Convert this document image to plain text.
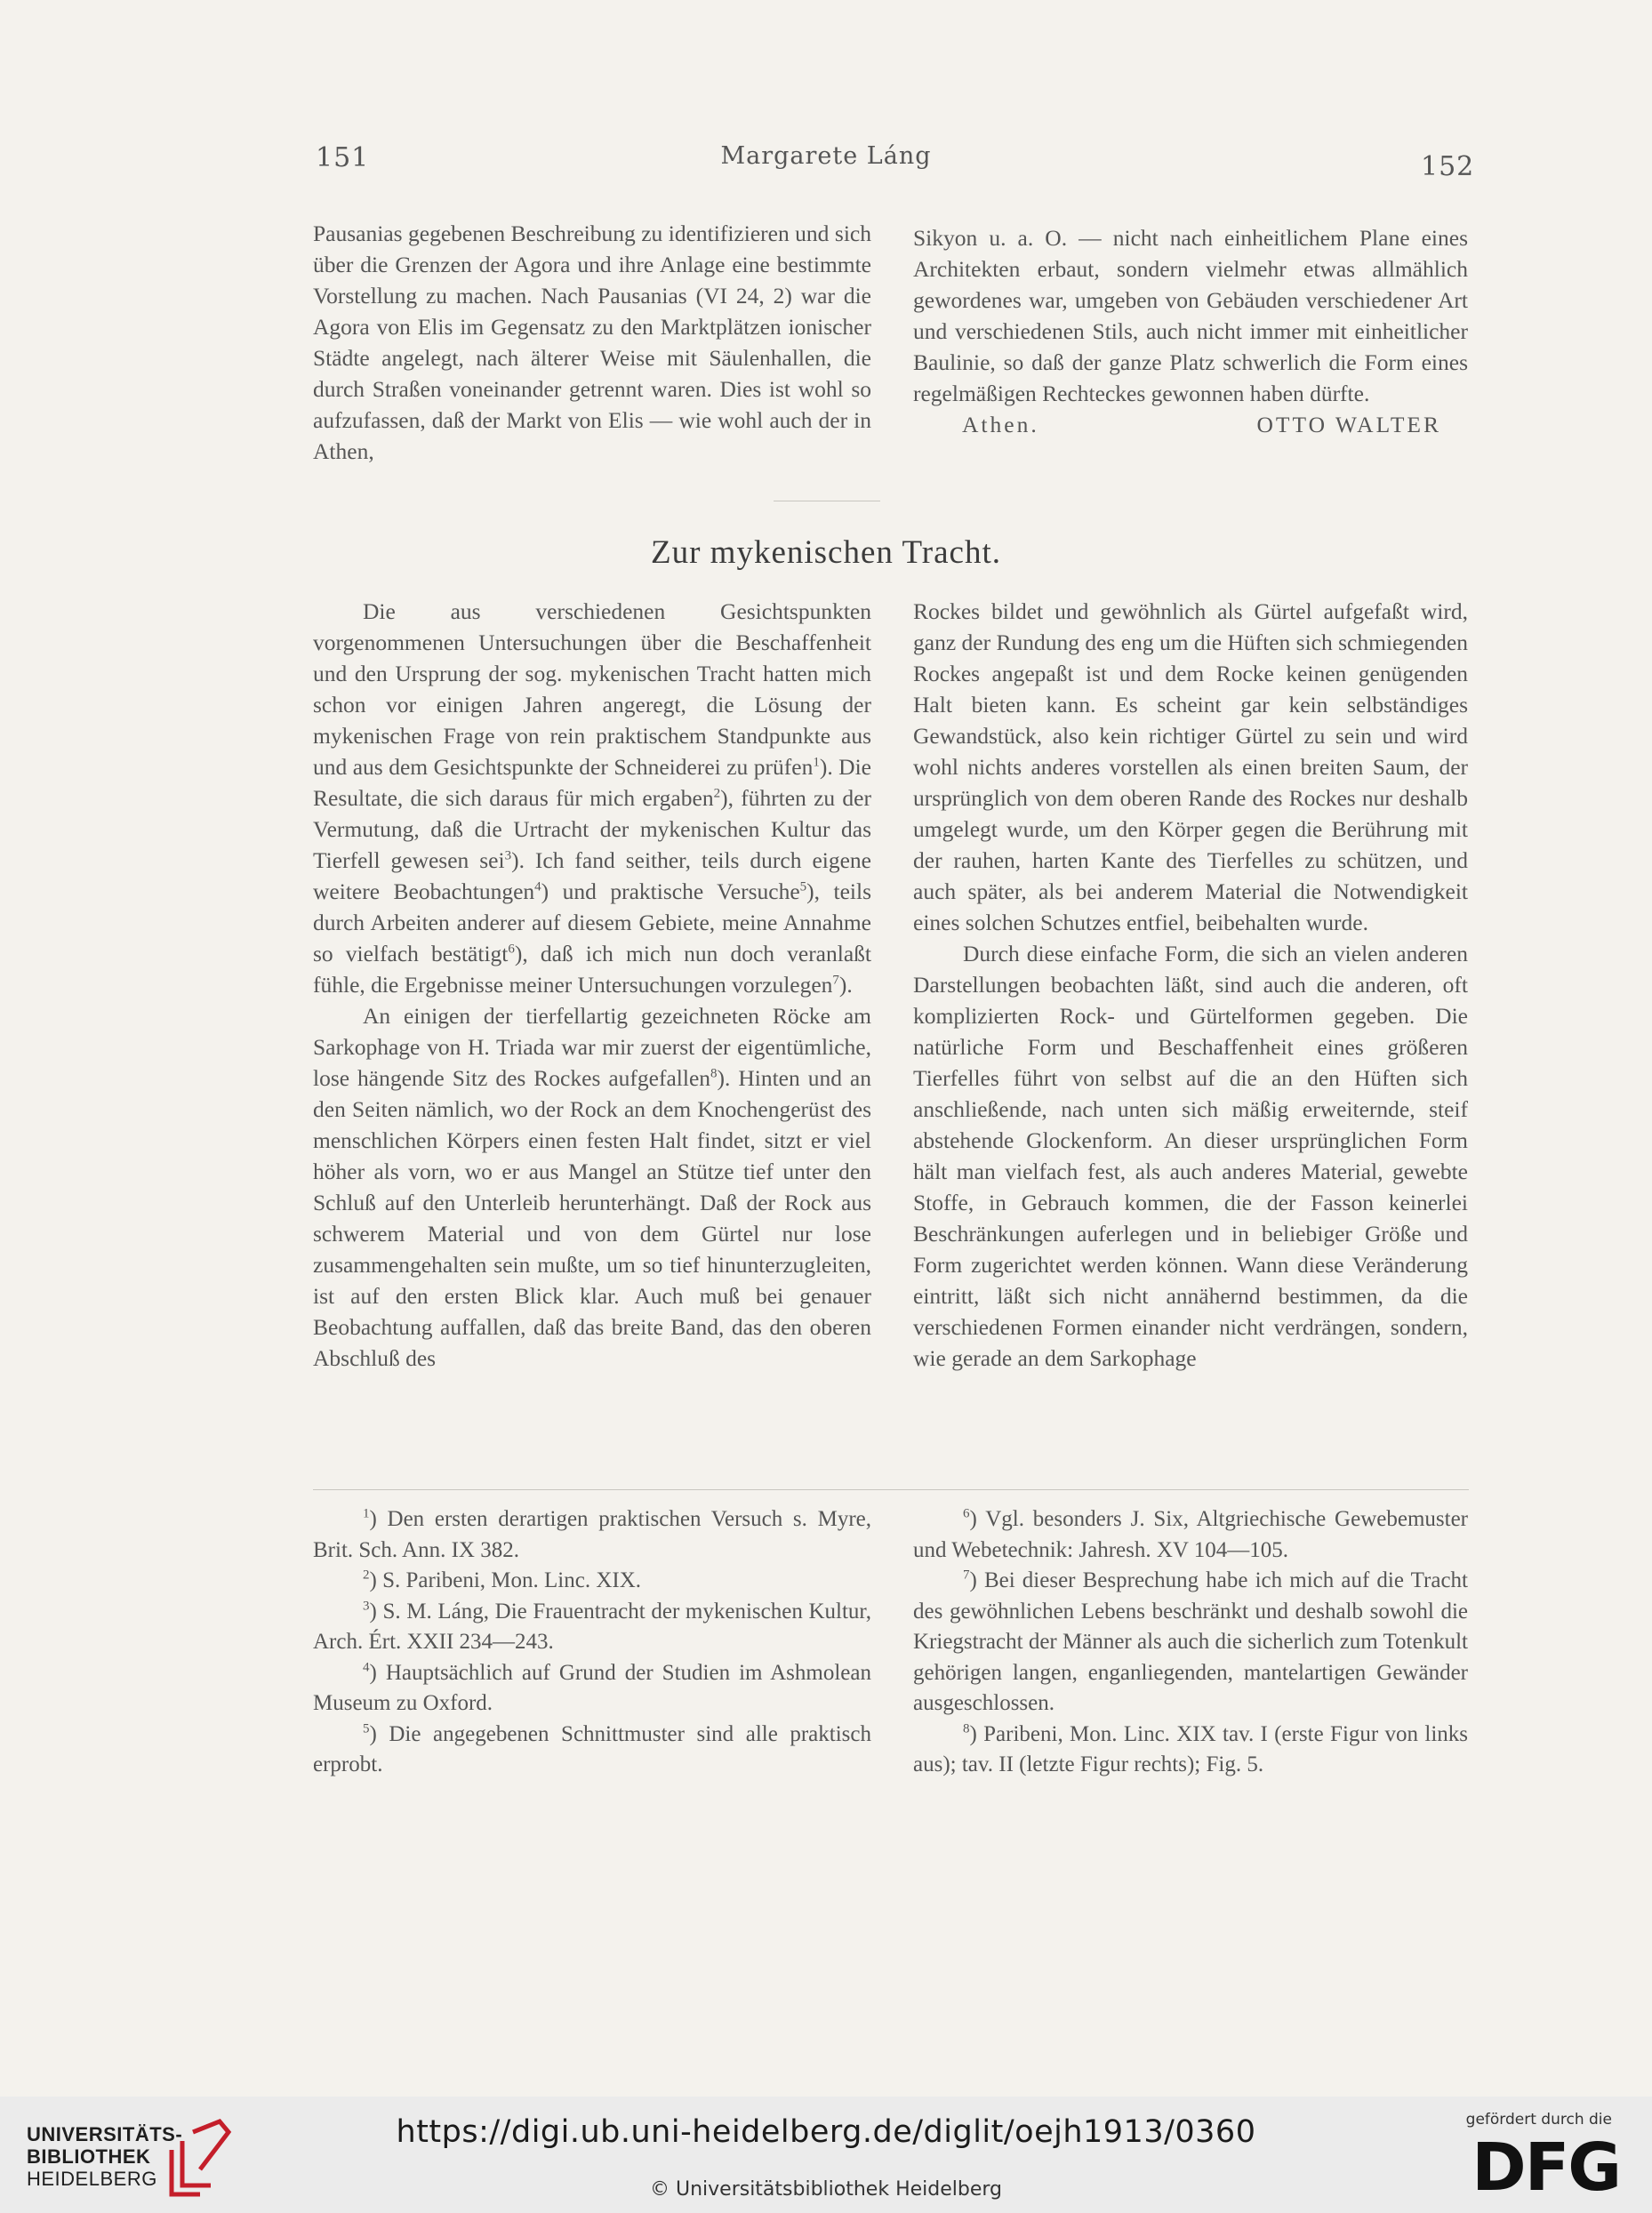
151	Margarete Láng	152

Pausanias gegebenen Beschreibung zu identifizieren und sich über die Grenzen der Agora und ihre Anlage eine bestimmte Vorstellung zu machen. Nach Pausanias (VI 24, 2) war die Agora von Elis im Gegensatz zu den Marktplätzen ionischer Städte angelegt, nach älterer Weise mit Säulenhallen, die durch Straßen voneinander getrennt waren. Dies ist wohl so aufzufassen, daß der Markt von Elis — wie wohl auch der in Athen,

Sikyon u. a. O. — nicht nach einheitlichem Plane eines Architekten erbaut, sondern vielmehr etwas allmählich gewordenes war, umgeben von Gebäuden verschiedener Art und verschiedenen Stils, auch nicht immer mit einheitlicher Baulinie, so daß der ganze Platz schwerlich die Form eines regelmäßigen Rechteckes gewonnen haben dürfte.

Athen.	OTTO WALTER
Zur mykenischen Tracht.

Die aus verschiedenen Gesichtspunkten vorgenommenen Untersuchungen über die Beschaffenheit und den Ursprung der sog. mykenischen Tracht hatten mich schon vor einigen Jahren angeregt, die Lösung der mykenischen Frage von rein praktischem Standpunkte aus und aus dem Gesichtspunkte der Schneiderei zu prüfen$^1$). Die Resultate, die sich daraus für mich ergaben$^2$), führten zu der Vermutung, daß die Urtracht der mykenischen Kultur das Tierfell gewesen sei$^3$). Ich fand seither, teils durch eigene weitere Beobachtungen$^4$) und praktische Versuche$^5$), teils durch Arbeiten anderer auf diesem Gebiete, meine Annahme so vielfach bestätigt$^6$), daß ich mich nun doch veranlaßt fühle, die Ergebnisse meiner Untersuchungen vorzulegen$^7$).

An einigen der tierfellartig gezeichneten Röcke am Sarkophage von H. Triada war mir zuerst der eigentümliche, lose hängende Sitz des Rockes aufgefallen$^8$). Hinten und an den Seiten nämlich, wo der Rock an dem Knochengerüst des menschlichen Körpers einen festen Halt findet, sitzt er viel höher als vorn, wo er aus Mangel an Stütze tief unter den Schluß auf den Unterleib herunterhängt. Daß der Rock aus schwerem Material und von dem Gürtel nur lose zusammengehalten sein mußte, um so tief hinunterzugleiten, ist auf den ersten Blick klar. Auch muß bei genauer Beobachtung auffallen, daß das breite Band, das den oberen Abschluß des

Rockes bildet und gewöhnlich als Gürtel aufgefaßt wird, ganz der Rundung des eng um die Hüften sich schmiegenden Rockes angepaßt ist und dem Rocke keinen genügenden Halt bieten kann. Es scheint gar kein selbständiges Gewandstück, also kein richtiger Gürtel zu sein und wird wohl nichts anderes vorstellen als einen breiten Saum, der ursprünglich von dem oberen Rande des Rockes nur deshalb umgelegt wurde, um den Körper gegen die Berührung mit der rauhen, harten Kante des Tierfelles zu schützen, und auch später, als bei anderem Material die Notwendigkeit eines solchen Schutzes entfiel, beibehalten wurde.

Durch diese einfache Form, die sich an vielen anderen Darstellungen beobachten läßt, sind auch die anderen, oft komplizierten Rock- und Gürtelformen gegeben. Die natürliche Form und Beschaffenheit eines größeren Tierfelles führt von selbst auf die an den Hüften sich anschließende, nach unten sich mäßig erweiternde, steif abstehende Glockenform. An dieser ursprünglichen Form hält man vielfach fest, als auch anderes Material, gewebte Stoffe, in Gebrauch kommen, die der Fasson keinerlei Beschränkungen auferlegen und in beliebiger Größe und Form zugerichtet werden können. Wann diese Veränderung eintritt, läßt sich nicht annähernd bestimmen, da die verschiedenen Formen einander nicht verdrängen, sondern, wie gerade an dem Sarkophage

$^1$) Den ersten derartigen praktischen Versuch s. Myre, Brit. Sch. Ann. IX 382.

$^2$) S. Paribeni, Mon. Linc. XIX.

$^3$) S. M. Láng, Die Frauentracht der mykenischen Kultur, Arch. Ért. XXII 234—243.

$^4$) Hauptsächlich auf Grund der Studien im Ashmolean Museum zu Oxford.

$^5$) Die angegebenen Schnittmuster sind alle praktisch erprobt.

$^6$) Vgl. besonders J. Six, Altgriechische Gewebemuster und Webetechnik: Jahresh. XV 104—105.

$^7$) Bei dieser Besprechung habe ich mich auf die Tracht des gewöhnlichen Lebens beschränkt und deshalb sowohl die Kriegstracht der Männer als auch die sicherlich zum Totenkult gehörigen langen, enganliegenden, mantelartigen Gewänder ausgeschlossen.

$^8$) Paribeni, Mon. Linc. XIX tav. I (erste Figur von links aus); tav. II (letzte Figur rechts); Fig. 5.

UNIVERSITÄTS-
BIBLIOTHEK
HEIDELBERG
https://digi.ub.uni-heidelberg.de/diglit/oejh1913/0360
© Universitätsbibliothek Heidelberg
gefördert durch die
DFG
